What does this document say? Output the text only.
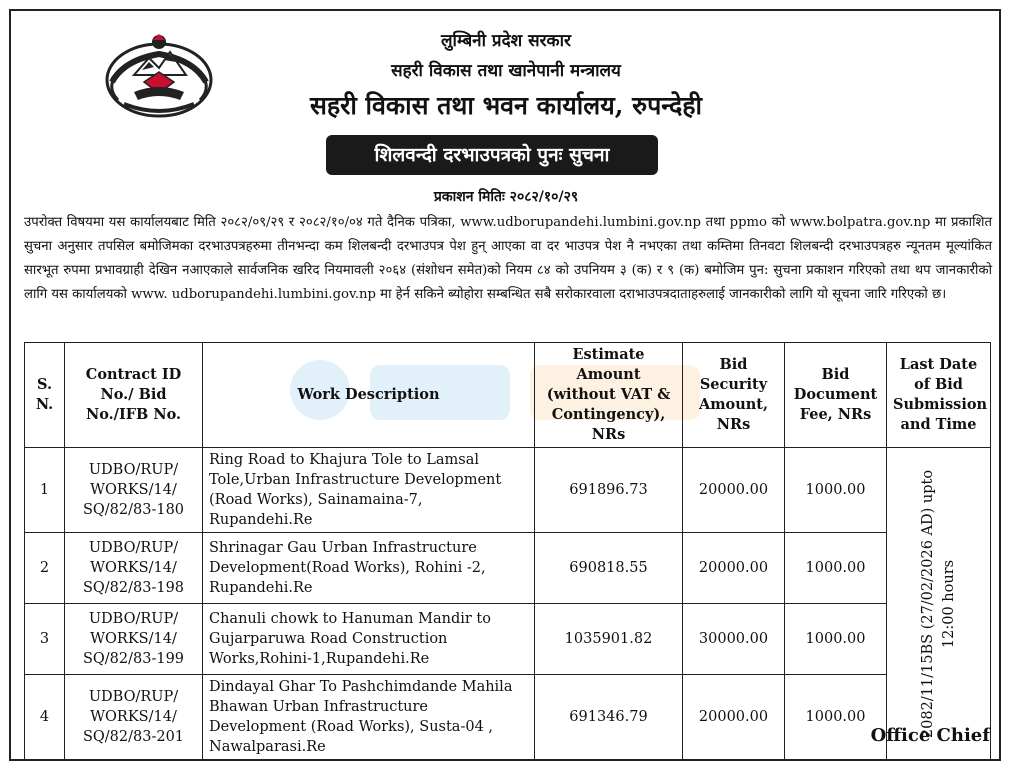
लुम्बिनी प्रदेश सरकार
सहरी विकास तथा खानेपानी मन्त्रालय
सहरी विकास तथा भवन कार्यालय, रुपन्देही
शिलवन्दी दरभाउपत्रको पुनः सुचना
प्रकाशन मितिः २०८२/१०/२९
उपरोक्त विषयमा यस कार्यालयबाट मिति २०८२/०९/२९ र २०८२/१०/०४ गते दैनिक पत्रिका, www.udborupandehi.lumbini.gov.np तथा ppmo को www.bolpatra.gov.np मा प्रकाशित सुचना अनुसार तपसिल बमोजिमका दरभाउपत्रहरुमा तीनभन्दा कम शिलबन्दी दरभाउपत्र पेश हुन् आएका वा दर भाउपत्र पेश नै नभएका तथा कम्तिमा तिनवटा शिलबन्दी दरभाउपत्रहरु न्यूनतम मूल्यांकित सारभूत रुपमा प्रभावग्राही देखिन नआएकाले सार्वजनिक खरिद नियमावली २०६४ (संशोधन समेत)को नियम ८४ को उपनियम ३ (क) र ९ (क) बमोजिम पुन: सुचना प्रकाशन गरिएको तथा थप जानकारीको लागि यस कार्यालयको www. udborupandehi.lumbini.gov.np मा हेर्न सकिने ब्योहोरा सम्बन्धित सबै सरोकारवाला दराभाउपत्रदाताहरुलाई जानकारीको लागि यो सूचना जारि गरिएको छ।
S. N.	Contract ID No./ Bid No./IFB No.	Work Description	Estimate Amount (without VAT & Contingency), NRs	Bid Security Amount, NRs	Bid Document Fee, NRs	Last Date of Bid Submission and Time
1	UDBO/RUP/ WORKS/14/ SQ/82/83-180	Ring Road to Khajura Tole to Lamsal Tole,Urban Infrastructure Development (Road Works), Sainamaina-7, Rupandehi.Re	691896.73	20000.00	1000.00	2082/11/15BS (27/02/2026 AD) upto 12:00 hours

2	UDBO/RUP/ WORKS/14/ SQ/82/83-198	Shrinagar Gau Urban Infrastructure Development(Road Works), Rohini -2, Rupandehi.Re	690818.55	20000.00	1000.00	
3	UDBO/RUP/ WORKS/14/ SQ/82/83-199	Chanuli chowk to Hanuman Mandir to Gujarparuwa Road Construction Works,Rohini-1,Rupandehi.Re	1035901.82	30000.00	1000.00	
4	UDBO/RUP/ WORKS/14/ SQ/82/83-201	Dindayal Ghar To Pashchimdande Mahila Bhawan Urban Infrastructure Development (Road Works), Susta-04 , Nawalparasi.Re	691346.79	20000.00	1000.00	
Office Chief
